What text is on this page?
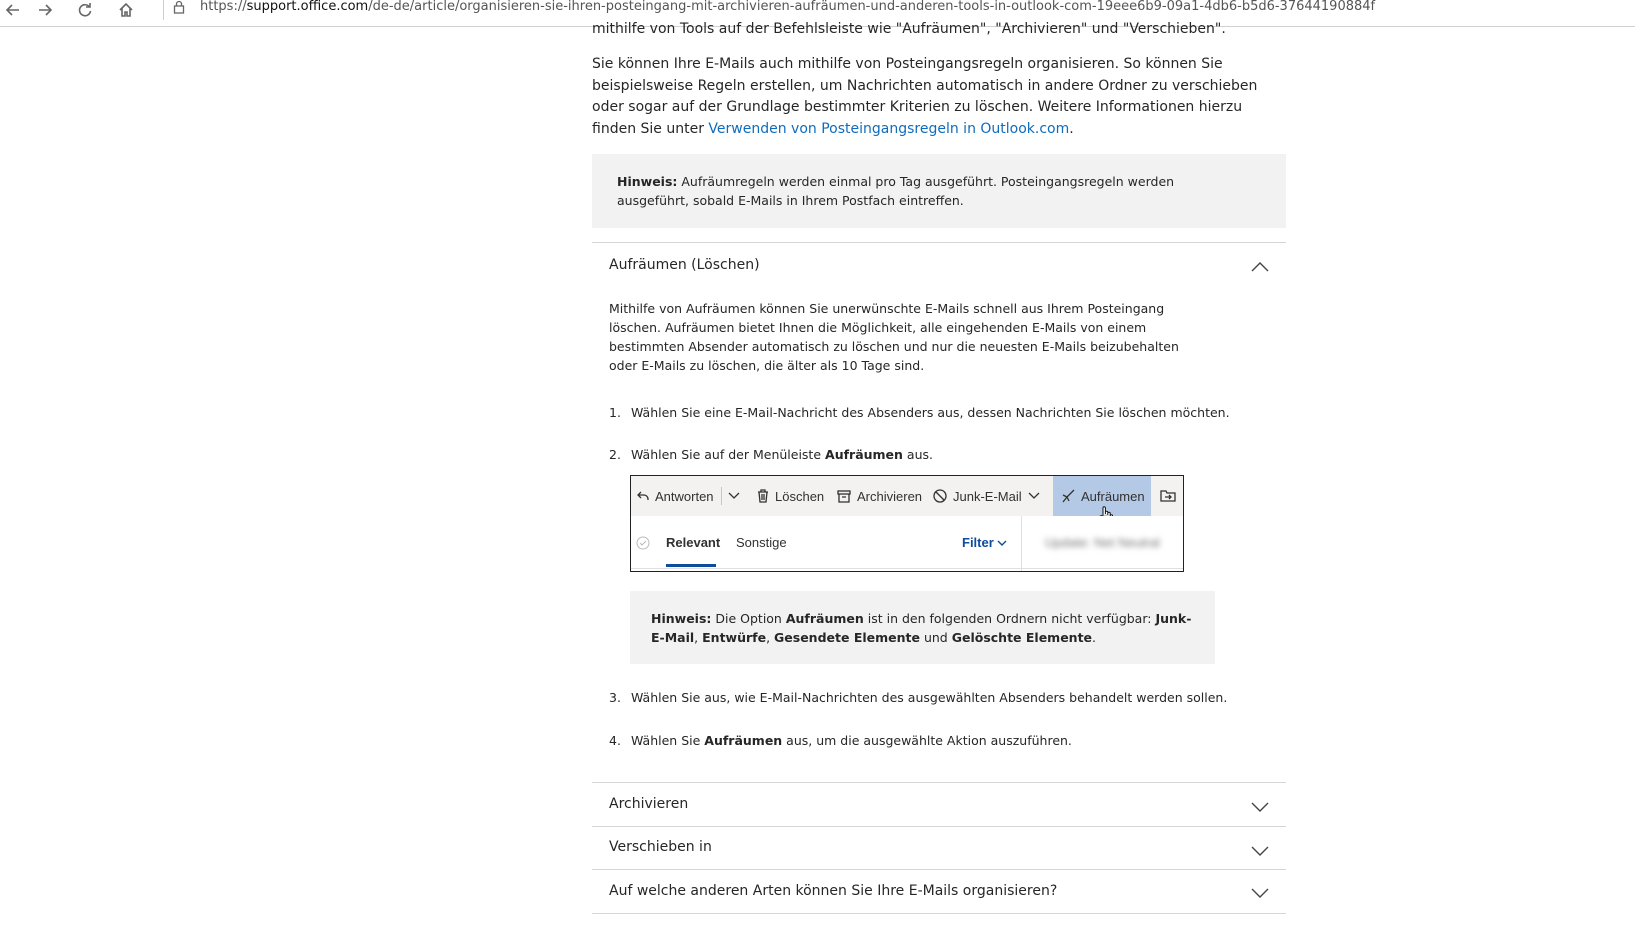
https://support.office.com/de-de/article/organisieren-sie-ihren-posteingang-mit-archivieren-aufräumen-und-anderen-tools-in-outlook-com-19eee6b9-09a1-4db6-b5d6-37644190884f
mithilfe von Tools auf der Befehlsleiste wie "Aufräumen", "Archivieren" und "Verschieben".

Sie können Ihre E-Mails auch mithilfe von Posteingangsregeln organisieren. So können Sie beispielsweise Regeln erstellen, um Nachrichten automatisch in andere Ordner zu verschieben oder sogar auf der Grundlage bestimmter Kriterien zu löschen. Weitere Informationen hierzu finden Sie unter Verwenden von Posteingangsregeln in Outlook.com.

Hinweis: Aufräumregeln werden einmal pro Tag ausgeführt. Posteingangsregeln werden ausgeführt, sobald E-Mails in Ihrem Postfach eintreffen.
Aufräumen (Löschen)

Mithilfe von Aufräumen können Sie unerwünschte E-Mails schnell aus Ihrem Posteingang löschen. Aufräumen bietet Ihnen die Möglichkeit, alle eingehenden E-Mails von einem bestimmten Absender automatisch zu löschen und nur die neuesten E-Mails beizubehalten oder E-Mails zu löschen, die älter als 10 Tage sind.

1. Wählen Sie eine E-Mail-Nachricht des Absenders aus, dessen Nachrichten Sie löschen möchten.
2. Wählen Sie auf der Menüleiste Aufräumen aus.
Antworten	Löschen	Archivieren Junk-E-Mail	Aufräumen
Relevant Sonstige	Filter	Update: Net Neutral
Hinweis: Die Option Aufräumen ist in den folgenden Ordnern nicht verfügbar: Junk-E-Mail, Entwürfe, Gesendete Elemente und Gelöschte Elemente.
3. Wählen Sie aus, wie E-Mail-Nachrichten des ausgewählten Absenders behandelt werden sollen.
4. Wählen Sie Aufräumen aus, um die ausgewählte Aktion auszuführen.
Archivieren
Verschieben in
Auf welche anderen Arten können Sie Ihre E-Mails organisieren?
